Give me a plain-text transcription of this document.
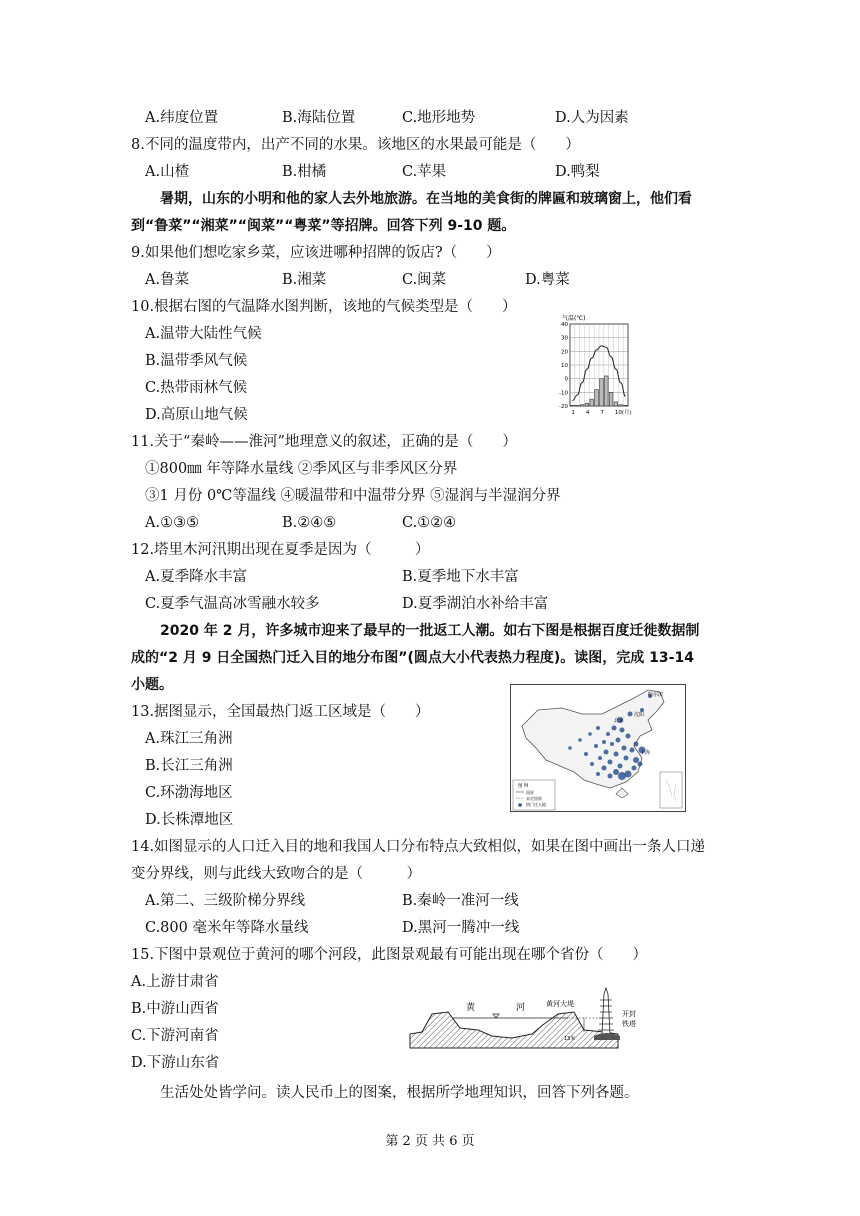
A.纬度位置	B.海陆位置	C.地形地势	D.人为因素
8.不同的温度带内，出产不同的水果。该地区的水果最可能是（　　）
A.山楂	B.柑橘	C.苹果	D.鸭梨
暑期，山东的小明和他的家人去外地旅游。在当地的美食街的牌匾和玻璃窗上，他们看
到“鲁菜”“湘菜”“闽菜”“粤菜”等招牌。回答下列 9-10 题。
9.如果他们想吃家乡菜，应该进哪种招牌的饭店?（　　）
A.鲁菜	B.湘菜	C.闽菜	D.粤菜
10.根据右图的气温降水图判断，该地的气候类型是（　　）
A.温带大陆性气候
B.温带季风气候
C.热带雨林气候
D.高原山地气候
气温(℃)
40
30
20
10
0
-10
-20
1 4 7 10(月)
11.关于“秦岭——淮河”地理意义的叙述，正确的是（　　）
①800㎜ 年等降水量线 ②季风区与非季风区分界
③1 月份 0℃等温线 ④暖温带和中温带分界 ⑤湿润与半湿润分界
A.①③⑤	B.②④⑤	C.①②④
12.塔里木河汛期出现在夏季是因为（　　　）
A.夏季降水丰富	B.夏季地下水丰富
C.夏季气温高冰雪融水较多	D.夏季湖泊水补给丰富
2020 年 2 月，许多城市迎来了最早的一批返工人潮。如右下图是根据百度迁徙数据制
成的“2 月 9 日全国热门迁入目的地分布图”(圆点大小代表热力程度)。读图，完成 13-14
小题。
13.据图显示，全国最热门返工区域是（　　）
A.珠江三角洲
B.长江三角洲
C.环渤海地区
D.长株潭地区
哈尔滨
沈阳
北京
上海
图 例
国界
未定国界
热门迁入地
14.如图显示的人口迁入目的地和我国人口分布特点大致相似，如果在图中画出一条人口递
变分界线，则与此线大致吻合的是（　　　）
A.第二、三级阶梯分界线	B.秦岭一准河一线
C.800 毫米年等降水量线	D.黑河一腾冲一线
15.下图中景观位于黄河的哪个河段，此图景观最有可能出现在哪个省份（　　）
A.上游甘肃省
B.中游山西省
C.下游河南省
D.下游山东省
黄	河	黄河大堤
13米
开封
铁塔
生活处处皆学问。读人民币上的图案，根据所学地理知识，回答下列各题。
第 2 页 共 6 页
